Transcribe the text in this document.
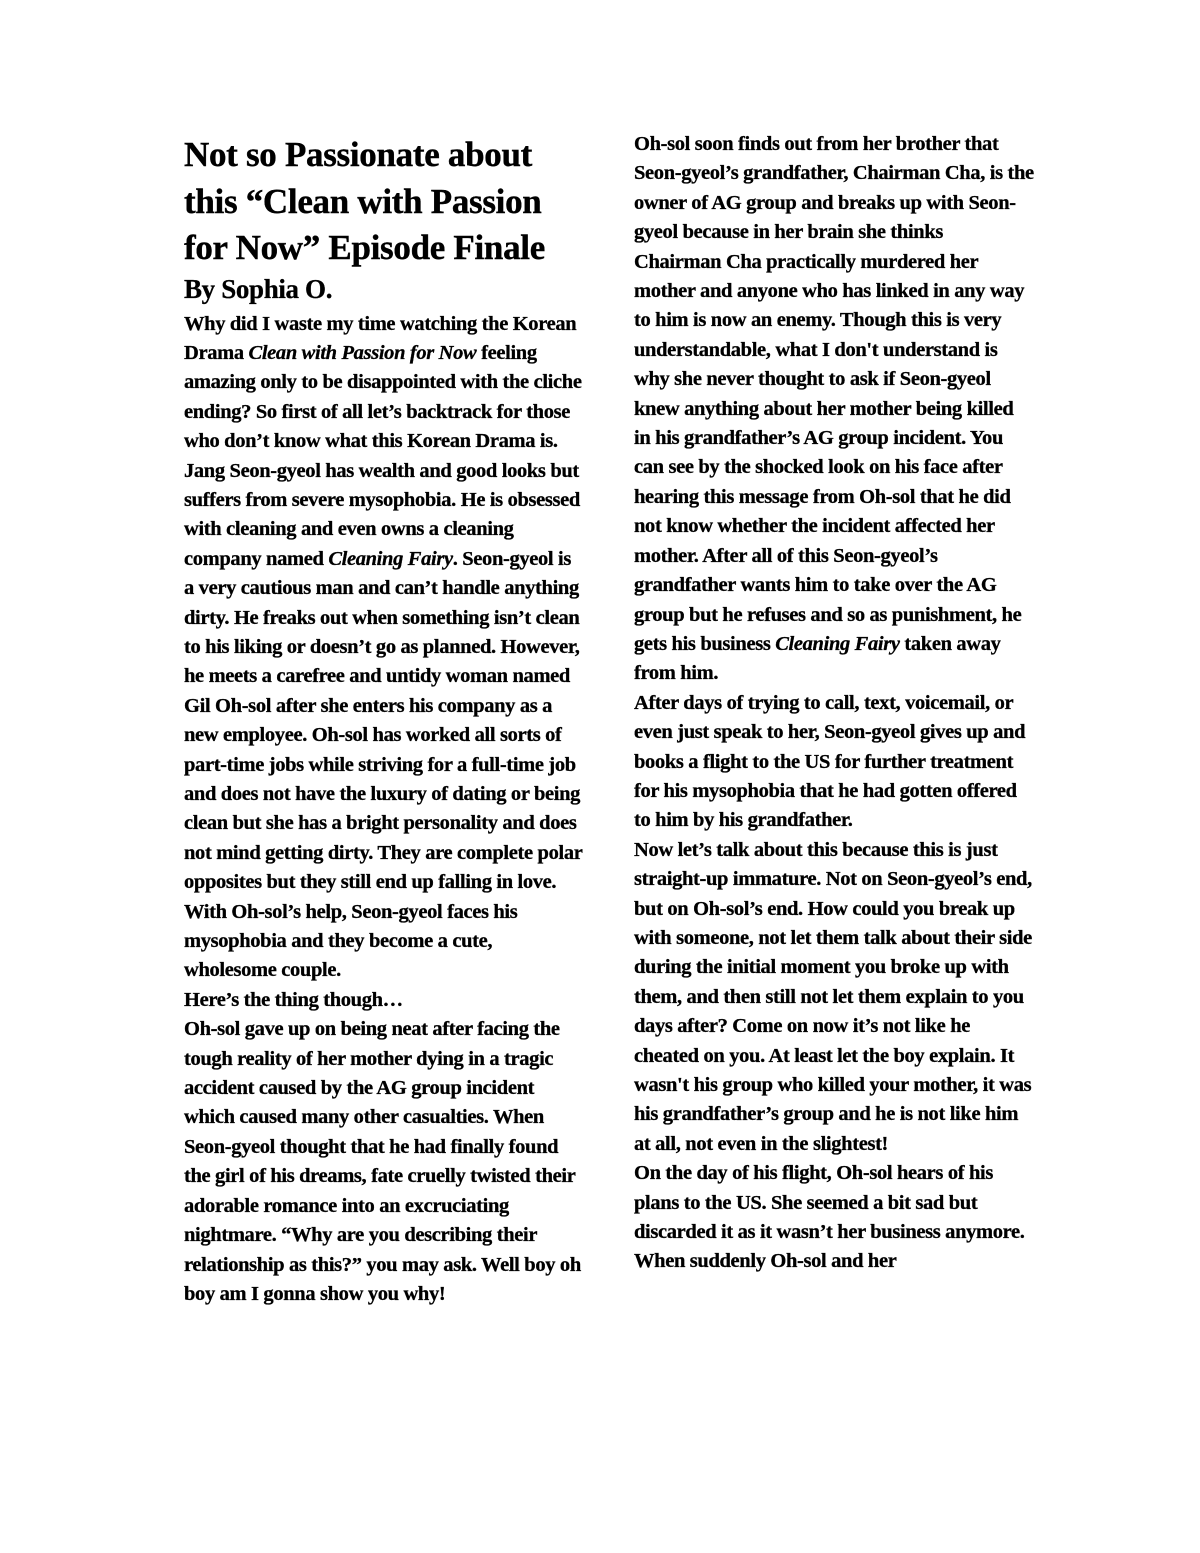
Not so Passionate about this “Clean with Passion for Now” Episode Finale
By Sophia O.

Why did I waste my time watching the Korean Drama Clean with Passion for Now feeling amazing only to be disappointed with the cliche ending? So first of all let’s backtrack for those who don’t know what this Korean Drama is. Jang Seon-gyeol has wealth and good looks but suffers from severe mysophobia. He is obsessed with cleaning and even owns a cleaning company named Cleaning Fairy. Seon-gyeol is a very cautious man and can’t handle anything dirty. He freaks out when something isn’t clean to his liking or doesn’t go as planned. However, he meets a carefree and untidy woman named Gil Oh-sol after she enters his company as a new employee. Oh-sol has worked all sorts of part-time jobs while striving for a full-time job and does not have the luxury of dating or being clean but she has a bright personality and does not mind getting dirty. They are complete polar opposites but they still end up falling in love. With Oh-sol’s help, Seon-gyeol faces his mysophobia and they become a cute, wholesome couple.

Here’s the thing though…

Oh-sol gave up on being neat after facing the tough reality of her mother dying in a tragic accident caused by the AG group incident which caused many other casualties. When Seon-gyeol thought that he had finally found the girl of his dreams, fate cruelly twisted their adorable romance into an excruciating nightmare. “Why are you describing their relationship as this?” you may ask. Well boy oh boy am I gonna show you why!

Oh-sol soon finds out from her brother that Seon-gyeol’s grandfather, Chairman Cha, is the owner of AG group and breaks up with Seon-gyeol because in her brain she thinks Chairman Cha practically murdered her mother and anyone who has linked in any way to him is now an enemy. Though this is very understandable, what I don't understand is why she never thought to ask if Seon-gyeol knew anything about her mother being killed in his grandfather’s AG group incident. You can see by the shocked look on his face after hearing this message from Oh-sol that he did not know whether the incident affected her mother. After all of this Seon-gyeol’s grandfather wants him to take over the AG group but he refuses and so as punishment, he gets his business Cleaning Fairy taken away from him.

After days of trying to call, text, voicemail, or even just speak to her, Seon-gyeol gives up and books a flight to the US for further treatment for his mysophobia that he had gotten offered to him by his grandfather.

Now let’s talk about this because this is just straight-up immature. Not on Seon-gyeol’s end, but on Oh-sol’s end. How could you break up with someone, not let them talk about their side during the initial moment you broke up with them, and then still not let them explain to you days after? Come on now it’s not like he cheated on you. At least let the boy explain. It wasn't his group who killed your mother, it was his grandfather’s group and he is not like him at all, not even in the slightest!

On the day of his flight, Oh-sol hears of his plans to the US. She seemed a bit sad but discarded it as it wasn’t her business anymore. When suddenly Oh-sol and her
